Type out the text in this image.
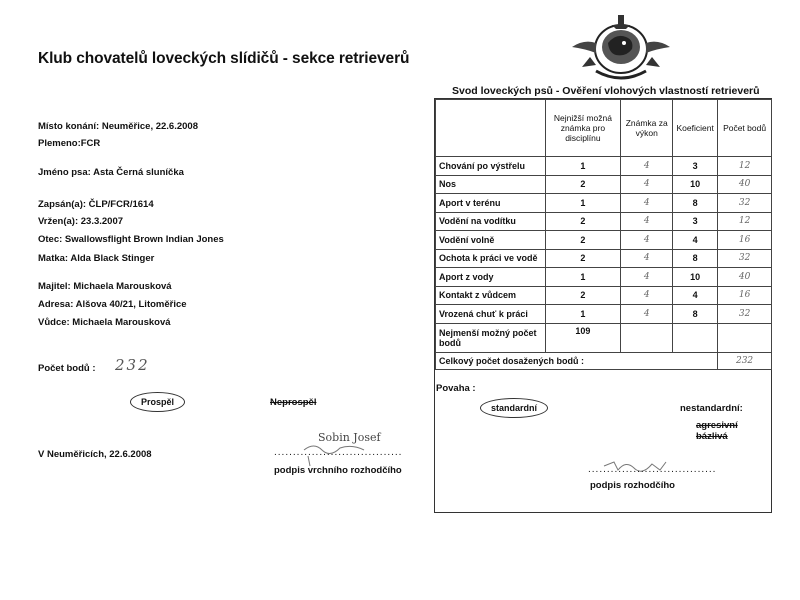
Klub chovatelů loveckých slídičů - sekce retrieverů
Místo konání: Neuměřice, 22.6.2008
Plemeno:FCR
Jméno psa: Asta Černá sluníčka
Zapsán(a): ČLP/FCR/1614
Vržen(a): 23.3.2007
Otec: Swallowsflight Brown Indian Jones
Matka: Alda Black Stinger
Majitel: Michaela Marousková
Adresa: Alšova 40/21, Litoměřice
Vůdce: Michaela Marousková
Počet bodů : 232
Prospěl	Neprospěl
V Neuměřicích, 22.6.2008
Sobin Josef
..................................
podpis vrchního rozhodčího
Svod loveckých psů - Ověření vlohových vlastností retrieverů
	Nejnižší možná známka pro disciplínu	Známka za výkon	Koeficient	Počet bodů
Chování po výstřelu	1	4	3	12
Nos	2	4	10	40
Aport v terénu	1	4	8	32
Vodění na vodítku	2	4	3	12
Vodění volně	2	4	4	16
Ochota k práci ve vodě	2	4	8	32
Aport z vody	1	4	10	40
Kontakt z vůdcem	2	4	4	16
Vrozená chuť k práci	1	4	8	32
Nejmenší možný počet bodů	109			
Celkový počet dosažených bodů :				232
Povaha :
standardní	nestandardní:
agresivní
bázlivá
..................................
podpis rozhodčího
